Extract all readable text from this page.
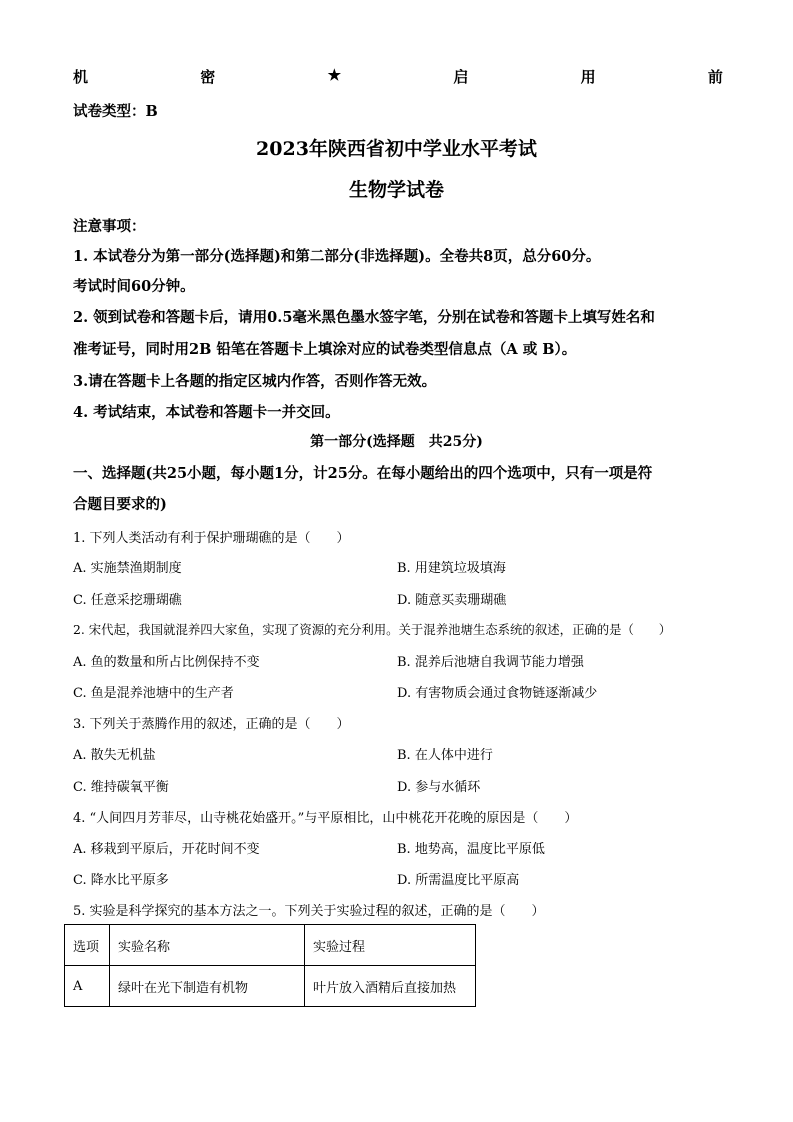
机	密	★	启	用	前
试卷类型：B
2023年陕西省初中学业水平考试
生物学试卷
注意事项：
1. 本试卷分为第一部分(选择题)和第二部分(非选择题)。全卷共8页，总分60分。
考试时间60分钟。
2. 领到试卷和答题卡后，请用0.5毫米黑色墨水签字笔，分别在试卷和答题卡上填写姓名和
准考证号，同时用2B 铅笔在答题卡上填涂对应的试卷类型信息点（A 或 B）。
3.请在答题卡上各题的指定区城内作答，否则作答无效。
4. 考试结束，本试卷和答题卡一并交回。
第一部分(选择题　共25分)
一、选择题(共25小题，每小题1分，计25分。在每小题给出的四个选项中，只有一项是符
合题目要求的)
1. 下列人类活动有利于保护珊瑚礁的是（　　）
A. 实施禁渔期制度	B. 用建筑垃圾填海
C. 任意采挖珊瑚礁	D. 随意买卖珊瑚礁
2. 宋代起，我国就混养四大家鱼，实现了资源的充分利用。关于混养池塘生态系统的叙述，正确的是（　　）
A. 鱼的数量和所占比例保持不变	B. 混养后池塘自我调节能力增强
C. 鱼是混养池塘中的生产者	D. 有害物质会通过食物链逐渐减少
3. 下列关于蒸腾作用的叙述，正确的是（　　）
A. 散失无机盐	B. 在人体中进行
C. 维持碳氧平衡	D. 参与水循环
4. “人间四月芳菲尽，山寺桃花始盛开。”与平原相比，山中桃花开花晚的原因是（　　）
A. 移栽到平原后，开花时间不变	B. 地势高，温度比平原低
C. 降水比平原多	D. 所需温度比平原高
5. 实验是科学探究的基本方法之一。下列关于实验过程的叙述，正确的是（　　）
选项	实验名称	实验过程
A	绿叶在光下制造有机物	叶片放入酒精后直接加热
